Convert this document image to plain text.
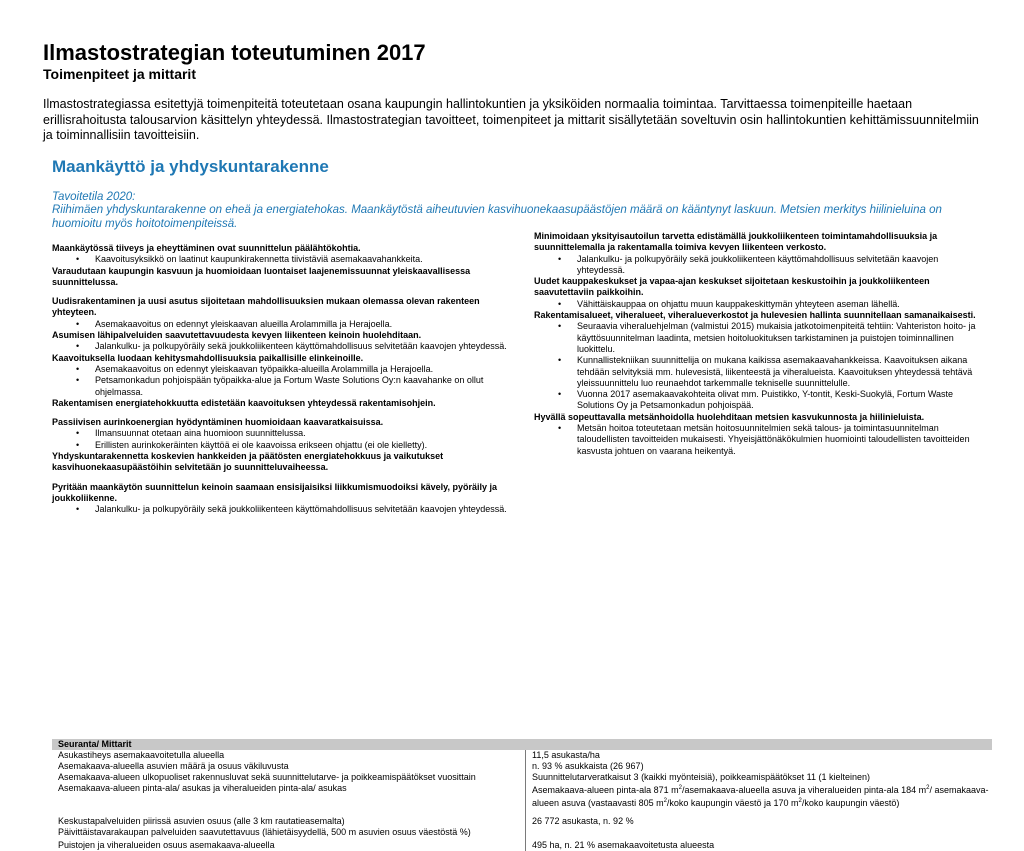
Ilmastostrategian toteutuminen 2017
Toimenpiteet ja mittarit
Ilmastostrategiassa esitettyjä toimenpiteitä toteutetaan osana kaupungin hallintokuntien ja yksiköiden normaalia toimintaa. Tarvittaessa toimenpiteille haetaan erillisrahoitusta talousarvion käsittelyn yhteydessä. Ilmastostrategian tavoitteet, toimenpiteet ja mittarit sisällytetään soveltuvin osin hallintokuntien kehittämissuunnitelmiin ja toiminnallisiin tavoitteisiin.
Maankäyttö ja yhdyskuntarakenne
Tavoitetila 2020:
Riihimäen yhdyskuntarakenne on eheä ja energiatehokas. Maankäytöstä aiheutuvien kasvihuonekaasupäästöjen määrä on kääntynyt laskuun. Metsien merkitys hiilinieluina on huomioitu myös hoitotoimenpiteissä.

Maankäytössä tiiveys ja eheyttäminen ovat suunnittelun päälähtökohtia.

• Kaavoitusyksikkö on laatinut kaupunkirakennetta tiivistäviä asemakaavahankkeita.

Varaudutaan kaupungin kasvuun ja huomioidaan luontaiset laajenemissuunnat yleiskaavallisessa suunnittelussa.

Uudisrakentaminen ja uusi asutus sijoitetaan mahdollisuuksien mukaan olemassa olevan rakenteen yhteyteen.

• Asemakaavoitus on edennyt yleiskaavan alueilla Arolammilla ja Herajoella.

Asumisen lähipalveluiden saavutettavuudesta kevyen liikenteen keinoin huolehditaan.

• Jalankulku- ja polkupyöräily sekä joukkoliikenteen käyttömahdollisuus selvitetään kaavojen yhteydessä.

Kaavoituksella luodaan kehitysmahdollisuuksia paikallisille elinkeinoille.

• Asemakaavoitus on edennyt yleiskaavan työpaikka-alueilla Arolammilla ja Herajoella.
• Petsamonkadun pohjoispään työpaikka-alue ja Fortum Waste Solutions Oy:n kaavahanke on ollut ohjelmassa.

Rakentamisen energiatehokkuutta edistetään kaavoituksen yhteydessä rakentamisohjein.

Passiivisen aurinkoenergian hyödyntäminen huomioidaan kaavaratkaisuissa.

• Ilmansuunnat otetaan aina huomioon suunnittelussa.
• Erillisten aurinkokeräinten käyttöä ei ole kaavoissa erikseen ohjattu (ei ole kielletty).

Yhdyskuntarakennetta koskevien hankkeiden ja päätösten energiatehokkuus ja vaikutukset kasvihuonekaasupäästöihin selvitetään jo suunnitteluvaiheessa.

Pyritään maankäytön suunnittelun keinoin saamaan ensisijaisiksi liikkumismuodoiksi kävely, pyöräily ja joukkoliikenne.

• Jalankulku- ja polkupyöräily sekä joukkoliikenteen käyttömahdollisuus selvitetään kaavojen yhteydessä.

Minimoidaan yksityisautoilun tarvetta edistämällä joukkoliikenteen toimintamahdollisuuksia ja suunnittelemalla ja rakentamalla toimiva kevyen liikenteen verkosto.

• Jalankulku- ja polkupyöräily sekä joukkoliikenteen käyttömahdollisuus selvitetään kaavojen yhteydessä.

Uudet kauppakeskukset ja vapaa-ajan keskukset sijoitetaan keskustoihin ja joukkoliikenteen saavutettaviin paikkoihin.

• Vähittäiskauppaa on ohjattu muun kauppakeskittymän yhteyteen aseman lähellä.

Rakentamisalueet, viheralueet, viheralueverkostot ja hulevesien hallinta suunnitellaan samanaikaisesti.

• Seuraavia viheraluehjelman (valmistui 2015) mukaisia jatkotoimenpiteitä tehtiin: Vahteriston hoito- ja käyttösuunnitelman laadinta, metsien hoitoluokituksen tarkistaminen ja puistojen toiminnallinen luokittelu.
• Kunnallistekniikan suunnittelija on mukana kaikissa asemakaavahankkeissa. Kaavoituksen aikana tehdään selvityksiä mm. hulevesistä, liikenteestä ja viheralueista. Kaavoituksen yhteydessä tehtävä yleissuunnittelu luo reunaehdot tarkemmalle tekniselle suunnittelulle.
• Vuonna 2017 asemakaavakohteita olivat mm. Puistikko, Y-tontit, Keski-Suokylä, Fortum Waste Solutions Oy ja Petsamonkadun pohjoispää.

Hyvällä sopeuttavalla metsänhoidolla huolehditaan metsien kasvukunnosta ja hiilinieluista.

• Metsän hoitoa toteutetaan metsän hoitosuunnitelmien sekä talous- ja toimintasuunnitelman taloudellisten tavoitteiden mukaisesti. Yhyeisjättönäkökulmien huomiointi taloudellisten tavoitteiden kasvusta johtuen on vaarana heikentyä.
Seuranta/ Mittarit	
Asukastiheys asemakaavoitetulla alueella	11,5 asukasta/ha
Asemakaava-alueella asuvien määrä ja osuus väkiluvusta	n. 93 % asukkaista (26 967)
Asemakaava-alueen ulkopuoliset rakennusluvat sekä suunnittelutarve- ja poikkeamispäätökset vuosittain	Suunnittelutarveratkaisut 3 (kaikki myönteisiä), poikkeamispäätökset 11 (1 kielteinen)
Asemakaava-alueen pinta-ala/ asukas ja viheralueiden pinta-ala/ asukas	Asemakaava-alueen pinta-ala 871 $m^2/asemakaava$-alueella asuva ja viheralueiden pinta-ala 184 $m^2/$ asemakaava-alueen asuva (vastaavasti 805 $m^2$/koko kaupungin väestö ja 170 $m^2$/koko kaupungin väestö)
Keskustapalveluiden piirissä asuvien osuus (alle 3 km rautatieasemalta)	26 772 asukasta, n. 92 %
Päivittäistavarakaupan palveluiden saavutettavuus (lähietäisyydellä, 500 m asuvien osuus väestöstä %)	
Puistojen ja viheralueiden osuus asemakaava-alueella	495 ha, n. 21 % asemakaavoitetusta alueesta
